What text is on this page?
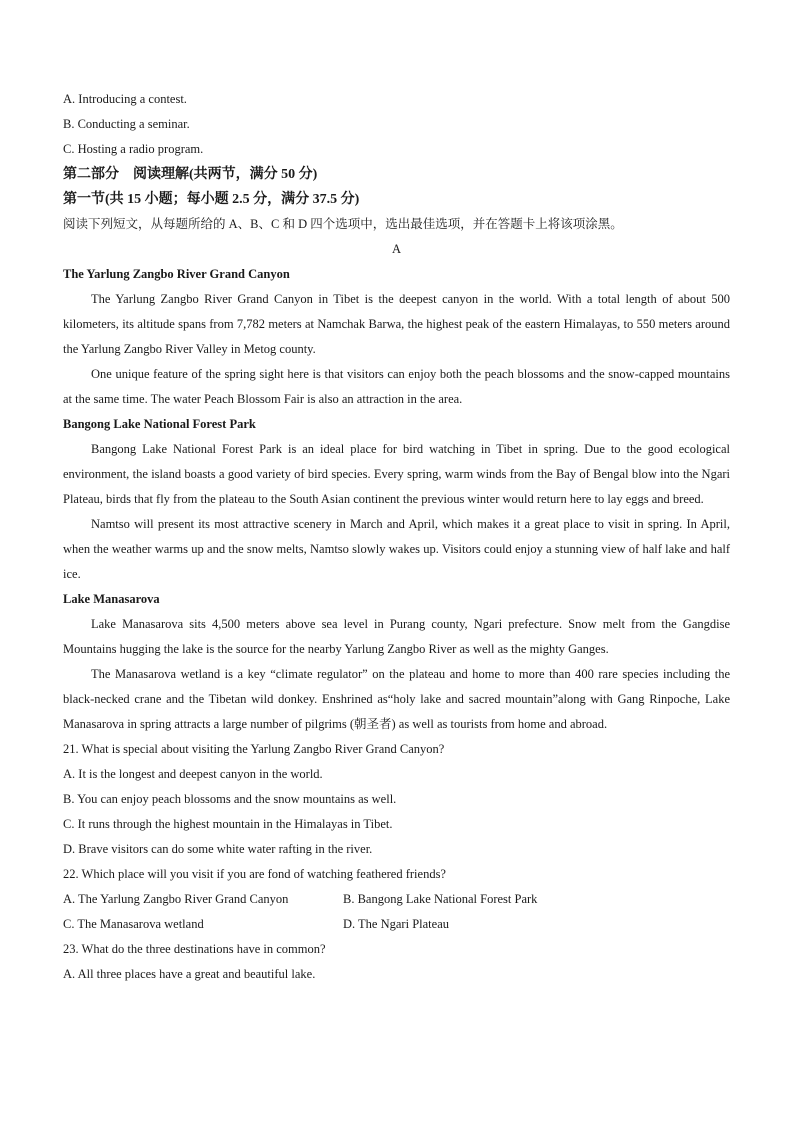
A. Introducing a contest.
B. Conducting a seminar.
C. Hosting a radio program.
第二部分　阅读理解(共两节，满分 50 分)
第一节(共 15 小题；每小题 2.5 分，满分 37.5 分)
阅读下列短文，从每题所给的 A、B、C 和 D 四个选项中，选出最佳选项，并在答题卡上将该项涂黑。
A
The Yarlung Zangbo River Grand Canyon
The Yarlung Zangbo River Grand Canyon in Tibet is the deepest canyon in the world. With a total length of about 500 kilometers, its altitude spans from 7,782 meters at Namchak Barwa, the highest peak of the eastern Himalayas, to 550 meters around the Yarlung Zangbo River Valley in Metog county.
One unique feature of the spring sight here is that visitors can enjoy both the peach blossoms and the snow-capped mountains at the same time. The water Peach Blossom Fair is also an attraction in the area.
Bangong Lake National Forest Park
Bangong Lake National Forest Park is an ideal place for bird watching in Tibet in spring. Due to the good ecological environment, the island boasts a good variety of bird species. Every spring, warm winds from the Bay of Bengal blow into the Ngari Plateau, birds that fly from the plateau to the South Asian continent the previous winter would return here to lay eggs and breed.
Namtso will present its most attractive scenery in March and April, which makes it a great place to visit in spring. In April, when the weather warms up and the snow melts, Namtso slowly wakes up. Visitors could enjoy a stunning view of half lake and half ice.
Lake Manasarova
Lake Manasarova sits 4,500 meters above sea level in Purang county, Ngari prefecture. Snow melt from the Gangdise Mountains hugging the lake is the source for the nearby Yarlung Zangbo River as well as the mighty Ganges.
The Manasarova wetland is a key “climate regulator” on the plateau and home to more than 400 rare species including the black-necked crane and the Tibetan wild donkey. Enshrined as“holy lake and sacred mountain”along with Gang Rinpoche, Lake Manasarova in spring attracts a large number of pilgrims (朝圣者) as well as tourists from home and abroad.
21. What is special about visiting the Yarlung Zangbo River Grand Canyon?
A. It is the longest and deepest canyon in the world.
B. You can enjoy peach blossoms and the snow mountains as well.
C. It runs through the highest mountain in the Himalayas in Tibet.
D. Brave visitors can do some white water rafting in the river.
22. Which place will you visit if you are fond of watching feathered friends?
A. The Yarlung Zangbo River Grand Canyon	B. Bangong Lake National Forest Park
C. The Manasarova wetland	D. The Ngari Plateau
23. What do the three destinations have in common?
A. All three places have a great and beautiful lake.
